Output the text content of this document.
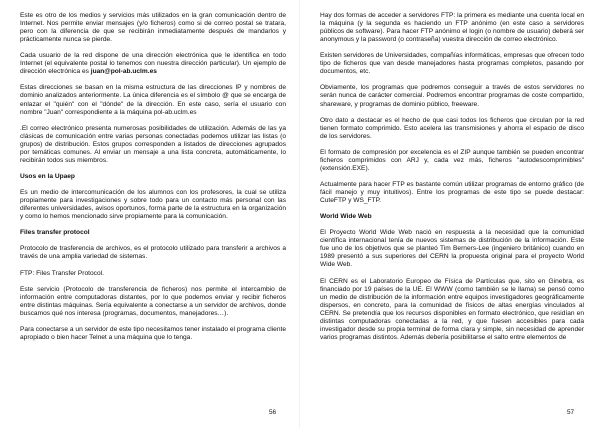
Este es otro de los medios y servicios más utilizados en la gran comunicación dentro de Internet. Nos permite enviar mensajes (y/o ficheros) como si de correo postal se tratara, pero con la diferencia de que se recibirán inmediatamente después de mandarlos y prácticamente nunca se pierde.

Cada usuario de la red dispone de una dirección electrónica que le identifica en todo Internet (el equivalente postal lo tenemos con nuestra dirección particular). Un ejemplo de dirección electrónica es juan@pol-ab.uclm.es

Estas direcciones se basan en la misma estructura de las direcciones IP y nombres de dominio analizados anteriormente. La única diferencia es el símbolo @ que se encarga de enlazar el "quién" con el "dónde" de la dirección. En este caso, sería el usuario con nombre "Juan" correspondiente a la máquina pol-ab.uclm.es

.El correo electrónico presenta numerosas posibilidades de utilización. Además de las ya clásicas de comunicación entre varias personas conectadas podemos utilizar las listas (o grupos) de distribución. Estos grupos corresponden a listados de direcciones agrupados por temáticas comunes. Al enviar un mensaje a una lista concreta, automáticamente, lo recibirán todos sus miembros.

Usos en la Upaep

Es un medio de intercomunicación de los alumnos con los profesores, la cual se utiliza propiamente para investigaciones y sobre todo para un contacto más personal con las diferentes universidades, avisos oportunos, forma parte de la estructura en la organización y como lo hemos mencionado sirve propiamente para la comunicación.

Files transfer protocol

Protocolo de trasferencia de archivos, es el protocolo utilizado para transferir a archivos a través de una amplia variedad de sistemas.

FTP: Files Transfer Protocol.

Este servicio (Protocolo de transferencia de ficheros) nos permite el intercambio de información entre computadoras distantes, por lo que podemos enviar y recibir ficheros entre distintas máquinas. Sería equivalente a conectarse a un servidor de archivos, donde buscamos qué nos interesa (programas, documentos, manejadores…).

Para conectarse a un servidor de este tipo necesitamos tener instalado el programa cliente apropiado o bien hacer Telnet a una máquina que lo tenga.

56

Hay dos formas de acceder a servidores FTP: la primera es mediante una cuenta local en la máquina (y la segunda es haciendo un FTP anónimo (en este caso a servidores públicos de software). Para hacer FTP anónimo el login (o nombre de usuario) deberá ser anonymous y la password (o contraseña) vuestra dirección de correo electrónico.

Existen servidores de Universidades, compañías informáticas, empresas que ofrecen todo tipo de ficheros que van desde manejadores hasta programas completos, pasando por documentos, etc.

Obviamente, los programas que podremos conseguir a través de estos servidores no serán nunca de carácter comercial. Podremos encontrar programas de coste compartido, shareware, y programas de dominio público, freeware.

Otro dato a destacar es el hecho de que casi todos los ficheros que circulan por la red tienen formato comprimido. Esto acelera las transmisiones y ahorra el espacio de disco de los servidores.

El formato de compresión por excelencia es el ZIP aunque también se pueden encontrar ficheros comprimidos con ARJ y, cada vez más, ficheros "autodescomprimibles" (extensión.EXE).

Actualmente para hacer FTP es bastante común utilizar programas de entorno gráfico (de fácil manejo y muy intuitivos). Entre los programas de este tipo se puede destacar: CuteFTP y WS_FTP.

World Wide Web

El Proyecto World Wide Web nació en respuesta a la necesidad que la comunidad científica internacional tenía de nuevos sistemas de distribución de la información. Este fue uno de los objetivos que se planteó Tim Berners-Lee (ingeniero británico) cuando en 1989 presentó a sus superiores del CERN la propuesta original para el proyecto World Wide Web.

El CERN es el Laboratorio Europeo de Física de Partículas que, sito en Ginebra, es financiado por 19 países de la UE. El WWW (como también se le llama) se pensó como un medio de distribución de la información entre equipos investigadores geográficamente dispersos, en concreto, para la comunidad de físicos de altas energías vinculados al CERN. Se pretendía que los recursos disponibles en formato electrónico, que residían en distintas computadoras conectadas a la red, y que fuesen accesibles para cada investigador desde su propia terminal de forma clara y simple, sin necesidad de aprender varios programas distintos. Además debería posibilitarse el salto entre elementos de

57
